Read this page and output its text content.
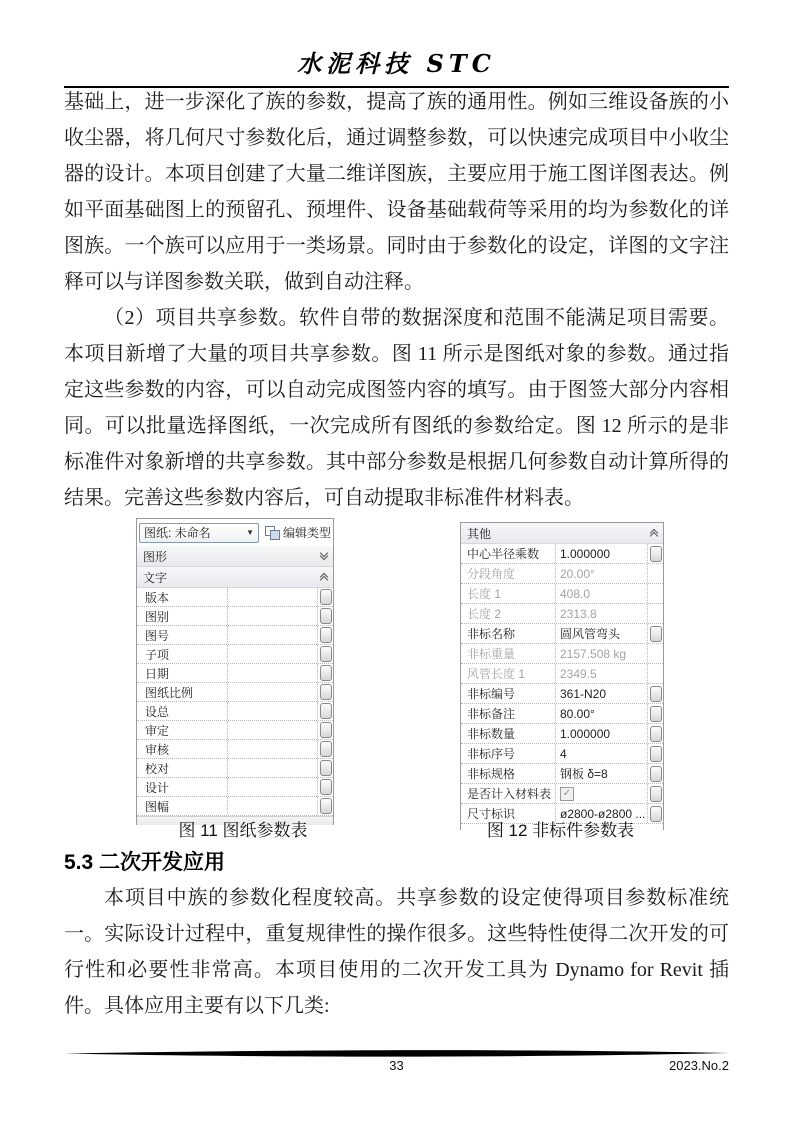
水泥科技 STC
基础上，进一步深化了族的参数，提高了族的通用性。例如三维设备族的小收尘器，将几何尺寸参数化后，通过调整参数，可以快速完成项目中小收尘器的设计。本项目创建了大量二维详图族，主要应用于施工图详图表达。例如平面基础图上的预留孔、预埋件、设备基础载荷等采用的均为参数化的详图族。一个族可以应用于一类场景。同时由于参数化的设定，详图的文字注释可以与详图参数关联，做到自动注释。
（2）项目共享参数。软件自带的数据深度和范围不能满足项目需要。本项目新增了大量的项目共享参数。图 11 所示是图纸对象的参数。通过指定这些参数的内容，可以自动完成图签内容的填写。由于图签大部分内容相同。可以批量选择图纸，一次完成所有图纸的参数给定。图 12 所示的是非标准件对象新增的共享参数。其中部分参数是根据几何参数自动计算所得的结果。完善这些参数内容后，可自动提取非标准件材料表。
图纸: 未命名	▼ 编辑类型
图形
文字
版本
图别
图号
子项
日期
图纸比例
设总
审定
审核
校对
设计
图幅
其他
中心半径乘数	1.000000
分段角度	20.00°
长度 1	408.0
长度 2	2313.8
非标名称	圆风管弯头
非标重量	2157.508 kg
风管长度 1	2349.5
非标编号	361-N20
非标备注	80.00°
非标数量	1.000000
非标序号	4
非标规格	钢板 δ=8
是否计入材料表	✓
尺寸标识	ø2800-ø2800 ...
图 11 图纸参数表	图 12 非标件参数表
5.3 二次开发应用
本项目中族的参数化程度较高。共享参数的设定使得项目参数标准统一。实际设计过程中，重复规律性的操作很多。这些特性使得二次开发的可行性和必要性非常高。本项目使用的二次开发工具为 Dynamo for Revit 插件。具体应用主要有以下几类:
33	2023.No.2
